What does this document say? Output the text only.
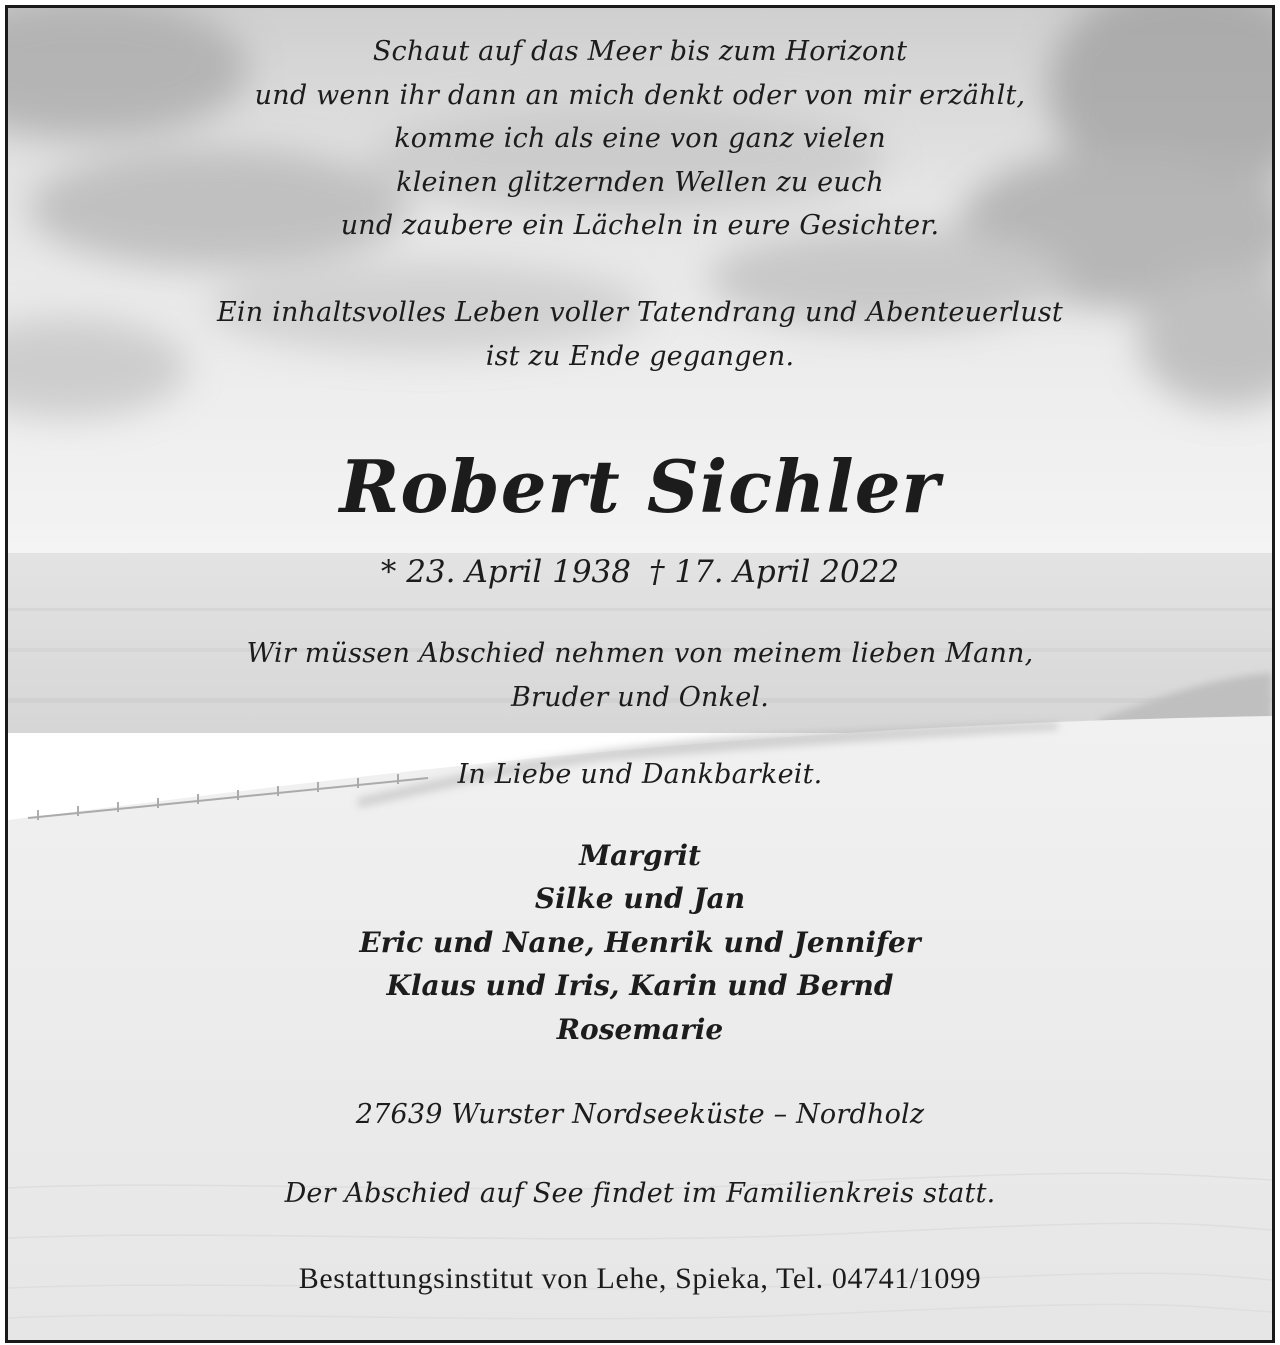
Schaut auf das Meer bis zum Horizont
und wenn ihr dann an mich denkt oder von mir erzählt,
komme ich als eine von ganz vielen
kleinen glitzernden Wellen zu euch
und zaubere ein Lächeln in eure Gesichter.
Ein inhaltsvolles Leben voller Tatendrang und Abenteuerlust
ist zu Ende gegangen.
Robert Sichler
* 23. April 1938 † 17. April 2022
Wir müssen Abschied nehmen von meinem lieben Mann,
Bruder und Onkel.
In Liebe und Dankbarkeit.
Margrit
Silke und Jan
Eric und Nane, Henrik und Jennifer
Klaus und Iris, Karin und Bernd
Rosemarie
27639 Wurster Nordseeküste – Nordholz
Der Abschied auf See findet im Familienkreis statt.
Bestattungsinstitut von Lehe, Spieka, Tel. 04741/1099
